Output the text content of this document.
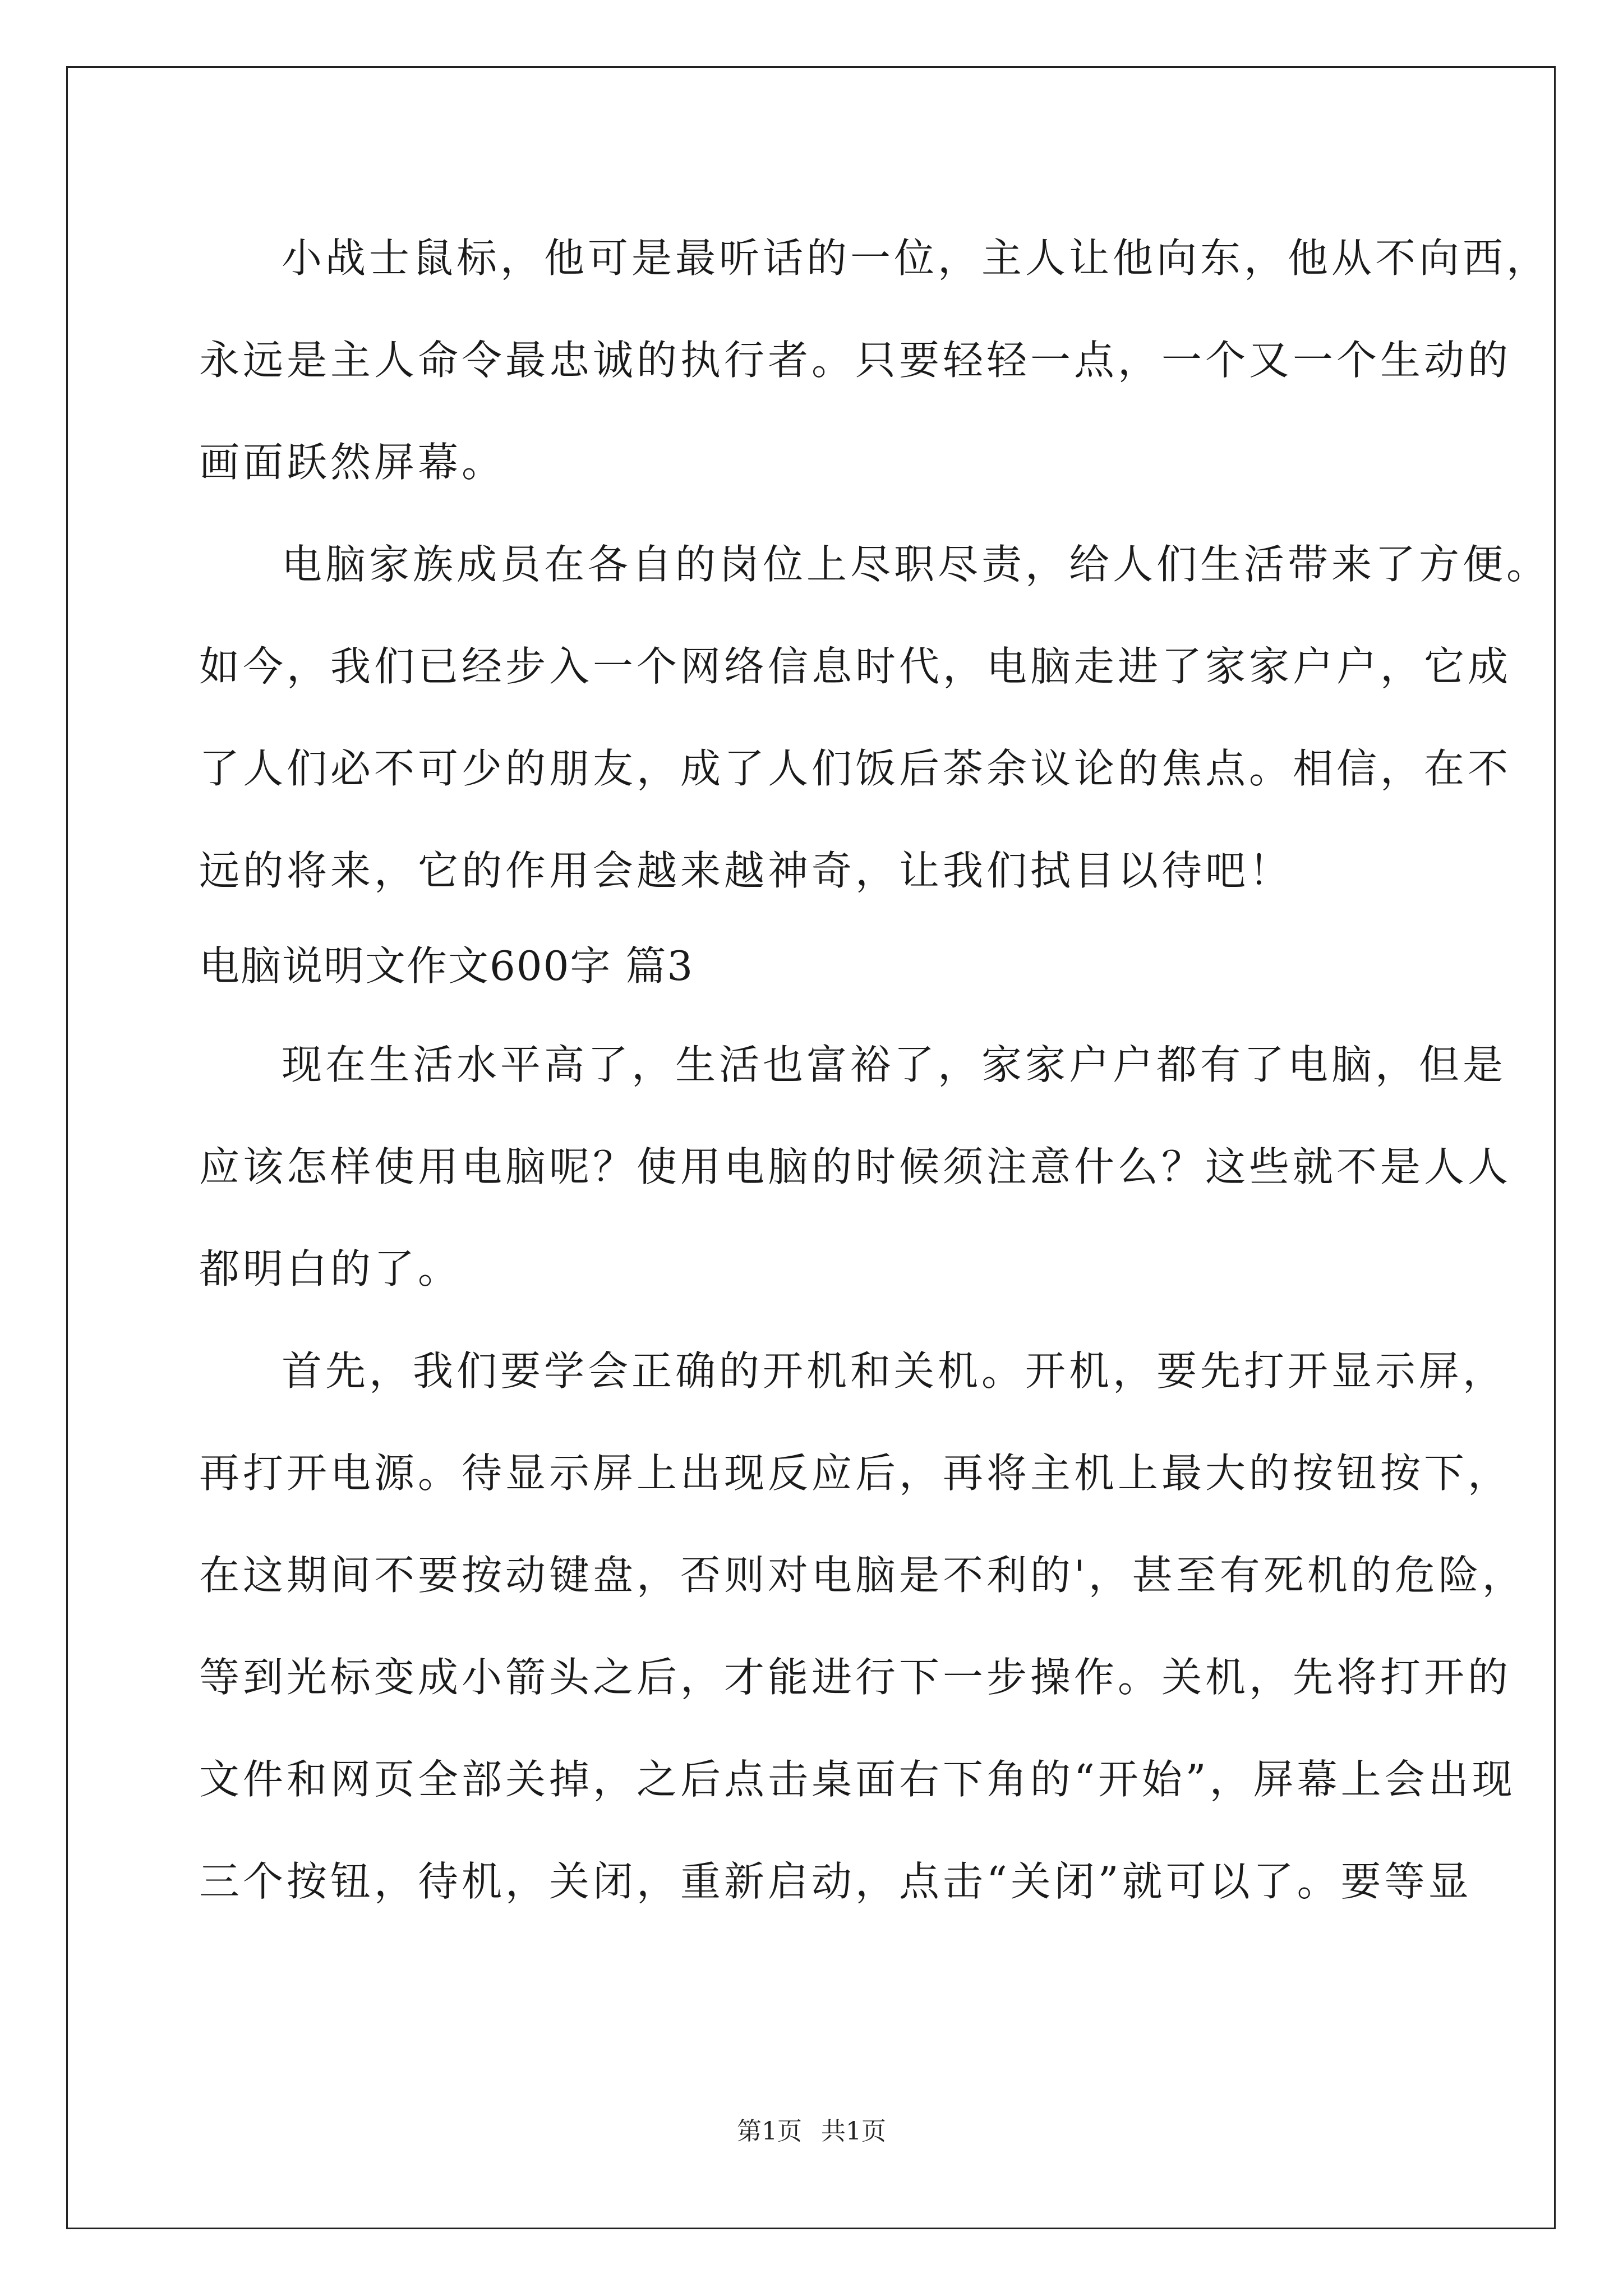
小战士鼠标，他可是最听话的一位，主人让他向东，他从不向西，
永远是主人命令最忠诚的执行者。只要轻轻一点，一个又一个生动的
画面跃然屏幕。
电脑家族成员在各自的岗位上尽职尽责，给人们生活带来了方便。
如今，我们已经步入一个网络信息时代，电脑走进了家家户户，它成
了人们必不可少的朋友，成了人们饭后茶余议论的焦点。相信，在不
远的将来，它的作用会越来越神奇，让我们拭目以待吧！
电脑说明文作文600字 篇3
现在生活水平高了，生活也富裕了，家家户户都有了电脑，但是
应该怎样使用电脑呢？使用电脑的时候须注意什么？这些就不是人人
都明白的了。
首先，我们要学会正确的开机和关机。开机，要先打开显示屏，
再打开电源。待显示屏上出现反应后，再将主机上最大的按钮按下，
在这期间不要按动键盘，否则对电脑是不利的'，甚至有死机的危险，
等到光标变成小箭头之后，才能进行下一步操作。关机，先将打开的
文件和网页全部关掉，之后点击桌面右下角的“开始”，屏幕上会出现
三个按钮，待机，关闭，重新启动，点击“关闭”就可以了。要等显
第1页 共1页
